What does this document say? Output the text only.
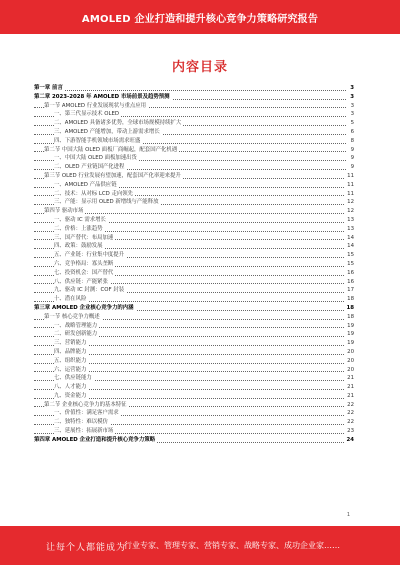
AMOLED 企业打造和提升核心竞争力策略研究报告
内容目录
第一章 前言	3
第二章 2023-2028 年 AMOLED 市场前景及趋势预测	3
第一节 AMOLED 行业发展现状与重点应用	3
一、第三代显示技术 OLED	3
二、AMOLED 具备诸多优势，全球市场规模持续扩大	5
三、AMOLED 产能增加，带动上游需求增长	6
四、下游智能手机领域市场需求旺盛	8
第二节 中国大陆 OLED 面板厂商崛起，配套国产化机遇	9
一、中国大陆 OLED 面板加速出货	9
二、OLED 产业链国产化进程	9
第三节 OLED 行业发展有望加速，配套国产化率迎来提升	11
一、AMOLED 产品供应链	11
二、技术：从对标 LCD 走向领先	11
三、产能：显示用 OLED 新增线与产能释放	12
第四节 驱动市场	12
一、驱动 IC 需求增长	13
二、价格：上涨趋势	13
三、国产替代：布局加速	14
四、政策：鼓励发展	14
五、产业链：行业集中度提升	15
六、竞争格局：寡头垄断	15
七、投资机会：国产替代	16
八、供应链：产能紧张	16
九、驱动 IC 封测：COF 封装	17
十、潜在风险	18
第三章 AMOLED 企业核心竞争力的内涵	18
第一节 核心竞争力概述	18
一、战略管理能力	19
二、研发创新能力	19
三、营销能力	19
四、品牌能力	20
五、组织能力	20
六、运营能力	20
七、供应链能力	21
八、人才能力	21
九、资金能力	21
第二节 企业核心竞争力的基本特征	22
一、价值性：满足客户需求	22
二、独特性：难以模仿	22
三、延展性：拓展新市场	23
第四章 AMOLED 企业打造和提升核心竞争力策略	24
1
让每个人都能成为
行业专家、管理专家、营销专家、战略专家、成功企业家……
